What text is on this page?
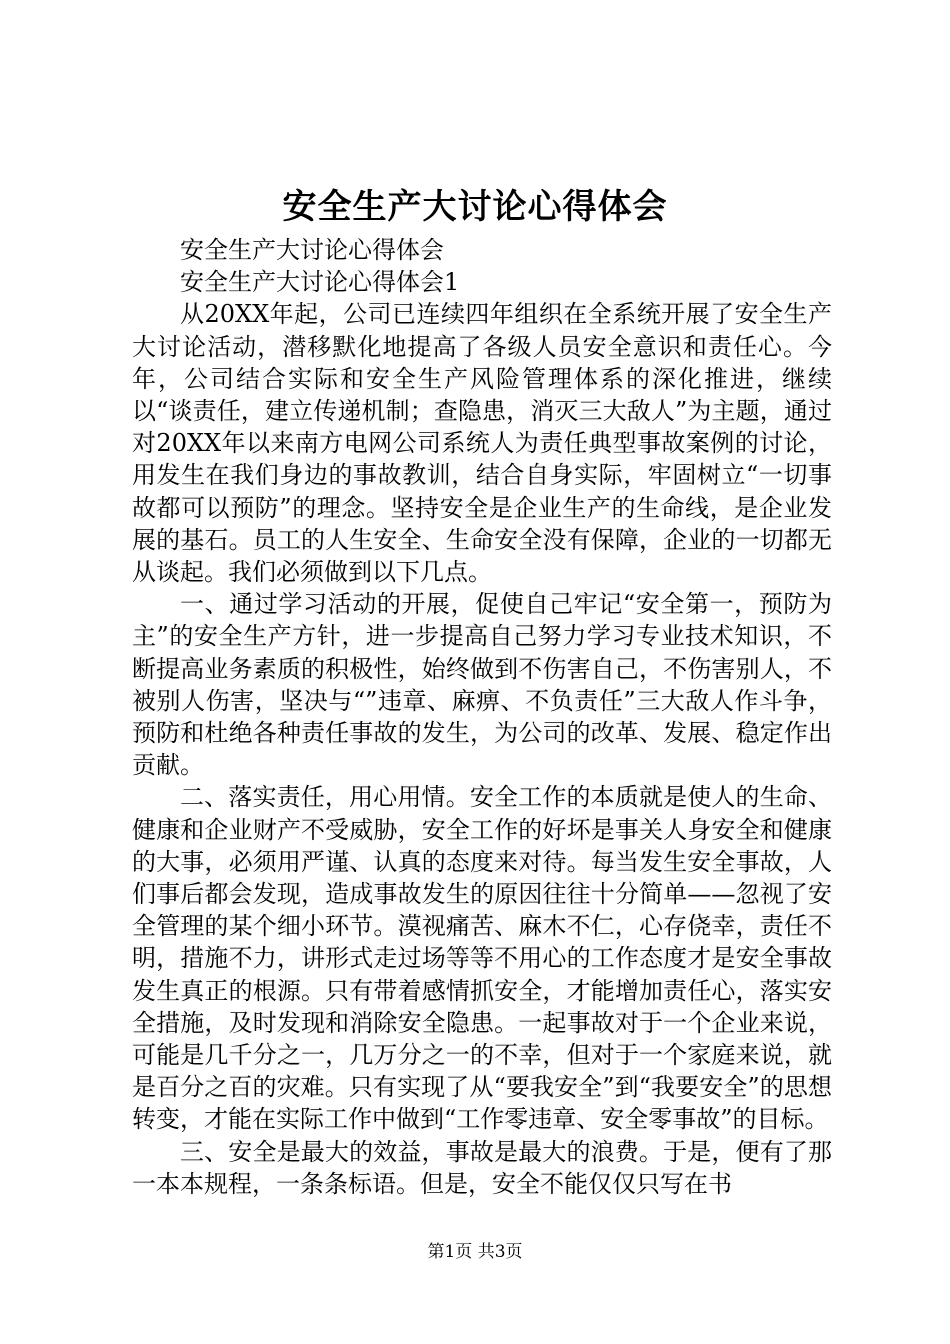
安全生产大讨论心得体会

安全生产大讨论心得体会

安全生产大讨论心得体会1

从20XX年起，公司已连续四年组织在全系统开展了安全生产大讨论活动，潜移默化地提高了各级人员安全意识和责任心。今年，公司结合实际和安全生产风险管理体系的深化推进，继续以“谈责任，建立传递机制；查隐患，消灭三大敌人”为主题，通过对20XX年以来南方电网公司系统人为责任典型事故案例的讨论，用发生在我们身边的事故教训，结合自身实际，牢固树立“一切事故都可以预防”的理念。坚持安全是企业生产的生命线，是企业发展的基石。员工的人生安全、生命安全没有保障，企业的一切都无从谈起。我们必须做到以下几点。

一、通过学习活动的开展，促使自己牢记“安全第一，预防为主”的安全生产方针，进一步提高自己努力学习专业技术知识，不断提高业务素质的积极性，始终做到不伤害自己，不伤害别人，不被别人伤害，坚决与“”违章、麻痹、不负责任”三大敌人作斗争，预防和杜绝各种责任事故的发生，为公司的改革、发展、稳定作出贡献。

二、落实责任，用心用情。安全工作的本质就是使人的生命、健康和企业财产不受威胁，安全工作的好坏是事关人身安全和健康的大事，必须用严谨、认真的态度来对待。每当发生安全事故，人们事后都会发现，造成事故发生的原因往往十分简单——忽视了安全管理的某个细小环节。漠视痛苦、麻木不仁，心存侥幸，责任不明，措施不力，讲形式走过场等等不用心的工作态度才是安全事故发生真正的根源。只有带着感情抓安全，才能增加责任心，落实安全措施，及时发现和消除安全隐患。一起事故对于一个企业来说，可能是几千分之一，几万分之一的不幸，但对于一个家庭来说，就是百分之百的灾难。只有实现了从“要我安全”到“我要安全”的思想转变，才能在实际工作中做到“工作零违章、安全零事故”的目标。

三、安全是最大的效益，事故是最大的浪费。于是，便有了那一本本规程，一条条标语。但是，安全不能仅仅只写在书

第1页 共3页
